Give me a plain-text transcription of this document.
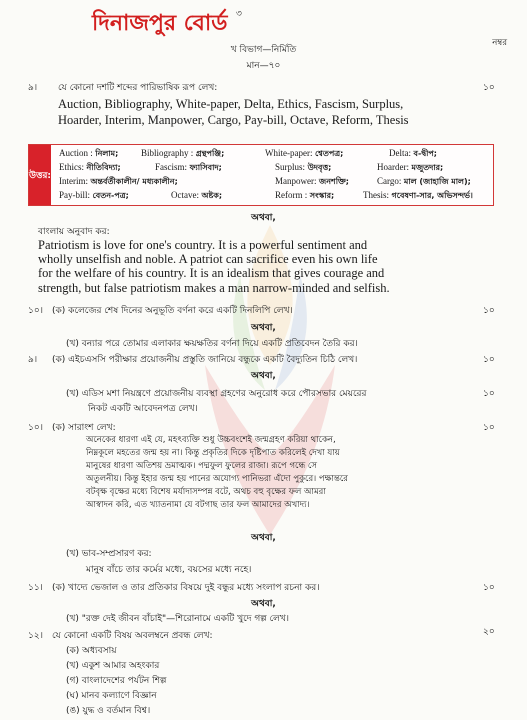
দিনাজপুর বোর্ড ৩
নম্বর
খ বিভাগ—নির্মিতি
মান—৭০
৯। যে কোনো দশটি শব্দের পারিভাষিক রূপ লেখ:	১০
Auction, Bibliography, White-paper, Delta, Ethics, Fascism, Surplus,
Hoarder, Interim, Manpower, Cargo, Pay-bill, Octave, Reform, Thesis
উত্তর:
Auction : নিলাম;	Bibliography : গ্রন্থপঞ্জি;	White-paper: শ্বেতপত্র;	Delta: ব-দ্বীপ;
Ethics: নীতিবিদ্যা;	Fascism: ফ্যাসিবাদ;	Surplus: উদবৃত্ত;	Hoarder: মজুতদার;
Interim: অন্তর্বর্তীকালীন/ মধ্যকালীন;	Manpower: জনশক্তি;	Cargo: মাল (জাহাজি মাল);
Pay-bill: বেতন-পত্র;	Octave: অষ্টক;	Reform : সংস্কার;	Thesis: গবেষণা-সার, অভিসন্দর্ভ।
অথবা,
বাংলায় অনুবাদ কর:
Patriotism is love for one's country. It is a powerful sentiment and
wholly unselfish and noble. A patriot can sacrifice even his own life
for the welfare of his country. It is an idealism that gives courage and
strength, but false patriotism makes a man narrow-minded and selfish.
১০। (ক) কলেজের শেষ দিনের অনুভূতি বর্ণনা করে একটি দিনলিপি লেখ।	১০
অথবা,
(খ) বন্যার পরে তোমার এলাকার ক্ষয়ক্ষতির বর্ণনা দিয়ে একটি প্রতিবেদন তৈরি কর।
৯। (ক) এইচএসসি পরীক্ষার প্রয়োজনীয় প্রস্তুতি জানিয়ে বন্ধুকে একটি বৈদ্যুতিন চিঠি লেখ।	১০
অথবা,
(খ) এডিস মশা নিয়ন্ত্রণে প্রয়োজনীয় ব্যবস্থা গ্রহণের অনুরোধ করে পৌরসভার মেয়রের
নিকট একটি আবেদনপত্র লেখ।
১০
১০। (ক) সারাংশ লেখ:	১০
অনেকের ধারণা এই যে, মহৎব্যক্তি শুধু উচ্চবংশেই জন্মগ্রহণ করিয়া থাকেন,
নিম্নকূলে মহতের জন্ম হয় না। কিন্তু প্রকৃতির দিকে দৃষ্টিপাত করিলেই দেখা যায়
মানুষের ধারণা অতিশয় ভ্রমাত্মক। পদ্মফুল ফুলের রাজা। রূপে গন্ধে সে
অতুলনীয়। কিন্তু ইহার জন্ম হয় পানের অযোগ্য পানিভরা এঁদো পুকুরে। পক্ষান্তরে
বটবৃক্ষ বৃক্ষের মধ্যে বিশেষ মর্যাদাসম্পন্ন বটে, অথচ বহু বৃক্ষের ফল আমরা
আস্বাদন করি, এত খ্যাতনামা যে বটগাছ তার ফল আমাদের অখাদ্য।
অথবা,
(খ) ভাব-সম্প্রসারণ কর:
মানুষ বাঁচে তার কর্মের মধ্যে, বয়সের মধ্যে নহে।
১১। (ক) খাদ্যে ভেজাল ও তার প্রতিকার বিষয়ে দুই বন্ধুর মধ্যে সংলাপ রচনা কর।	১০
অথবা,
(খ) "রক্ত দেই জীবন বাঁচাই"—শিরোনামে একটি খুদে গল্প লেখ।
১২। যে কোনো একটি বিষয় অবলম্বনে প্রবন্ধ লেখ:	২০
(ক) অধ্যবসায়
(খ) একুশ আমার অহংকার
(গ) বাংলাদেশের পর্যটন শিল্প
(ঘ) মানব কল্যাণে বিজ্ঞান
(ঙ) যুদ্ধ ও বর্তমান বিশ্ব।
